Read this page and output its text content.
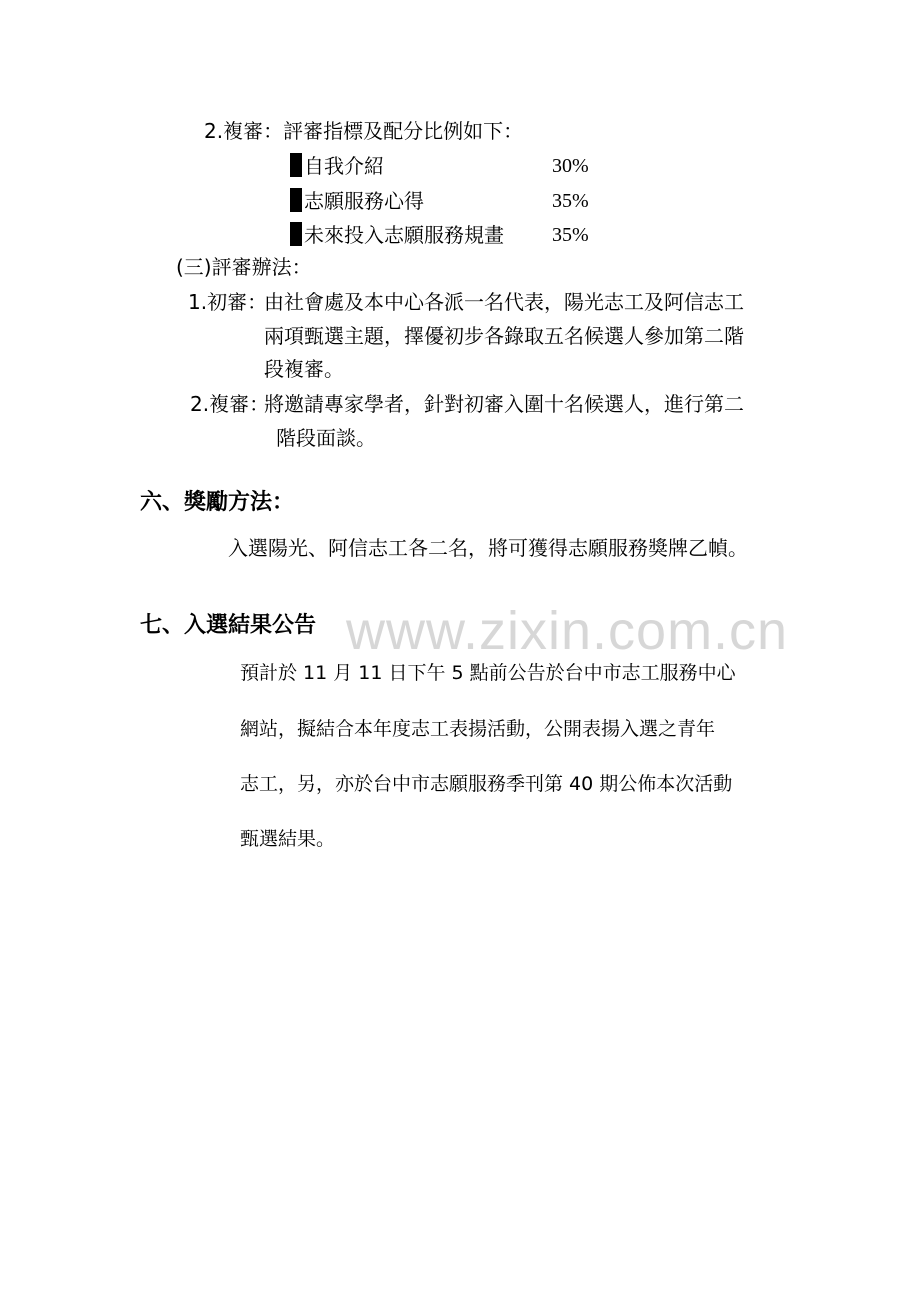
www.zixin.com.cn
2.複審：評審指標及配分比例如下：
自我介紹	30%
志願服務心得	35%
未來投入志願服務規畫 35%
(三)評審辦法：
1.初審：
由社會處及本中心各派一名代表，陽光志工及阿信志工
兩項甄選主題，擇優初步各錄取五名候選人參加第二階
段複審。
2.複審：
將邀請專家學者，針對初審入圍十名候選人，進行第二
階段面談。
六、獎勵方法：
入選陽光、阿信志工各二名，將可獲得志願服務獎牌乙幀。
七、入選結果公告
預計於 11 月 11 日下午 5 點前公告於台中市志工服務中心
網站，擬結合本年度志工表揚活動，公開表揚入選之青年
志工，另，亦於台中市志願服務季刊第 40 期公佈本次活動
甄選結果。
